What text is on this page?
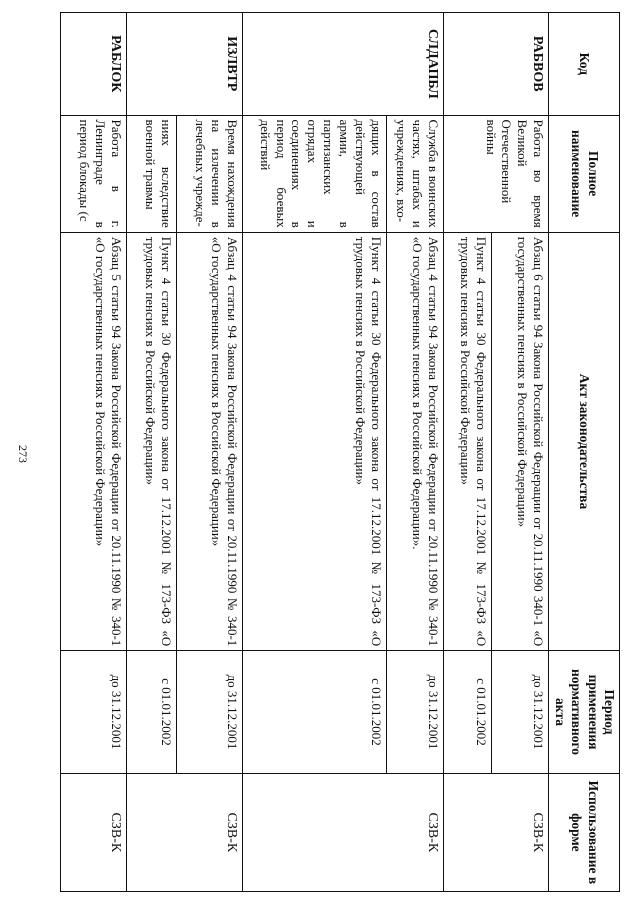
273
Код	Полное наименование	Акт законодательства	Период применения нормативного акта	Использование в форме
РАБВОВ	Работа во время Великой Отечественной войны	Абзац 6 статьи 94 Закона Российской Федерации от 20.11.1990 340-1 «О государственных пенсиях в Российской Федерации»	до 31.12.2001	СЗВ-К
		Пункт 4 статьи 30 Федерального закона от 17.12.2001 № 173-ФЗ «О трудовых пенсиях в Российской Федерации»	с 01.01.2002	
СЛДАПБЛ	Служба в воинских частях, штабах и учреждениях, вхо-	Абзац 4 статьи 94 Закона Российской Федерации от 20.11.1990 № 340-1 «О государственных пенсиях в Российской Федерации».	до 31.12.2001	СЗВ-К
	дящих в состав действующей армии, в партизанских отрядах и соединениях в период боевых действий	Пункт 4 статьи 30 Федерального закона от 17.12.2001 № 173-ФЗ «О трудовых пенсиях в Российской Федерации»	с 01.01.2002	
ИЗЛВТР	Время нахождения на излечении в лечебных учрежде-	Абзац 4 статьи 94 Закона Российской Федерации от 20.11.1990 № 340-1 «О государственных пенсиях в Российской Федерации»	до 31.12.2001	СЗВ-К
	ниях вследствие военной травмы	Пункт 4 статьи 30 Федерального закона от 17.12.2001 № 173-ФЗ «О трудовых пенсиях в Российской Федерации»	с 01.01.2002	
РАБЛОК	Работа в г. Ленинграде в период блокады (с	Абзац 5 статьи 94 Закона Российской Федерации от 20.11.1990 № 340-1 «О государственных пенсиях в Российской Федерации»	до 31.12.2001	СЗВ-К
